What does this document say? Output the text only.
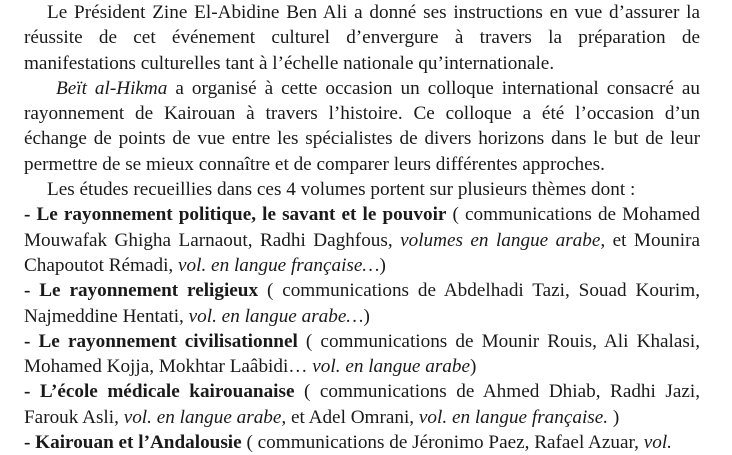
Le Président Zine El-Abidine Ben Ali a donné ses instructions en vue d’assurer la réussite de cet événement culturel d’envergure à travers la préparation de manifestations culturelles tant à l’échelle nationale qu’internationale.

Beït al-Hikma a organisé à cette occasion un colloque international consacré au rayonnement de Kairouan à travers l’histoire. Ce colloque a été l’occasion d’un échange de points de vue entre les spécialistes de divers horizons dans le but de leur permettre de se mieux connaître et de comparer leurs différentes approches.

Les études recueillies dans ces 4 volumes portent sur plusieurs thèmes dont :

- Le rayonnement politique, le savant et le pouvoir ( communications de Mohamed Mouwafak Ghigha Larnaout, Radhi Daghfous, volumes en langue arabe, et Mounira Chapoutot Rémadi, vol. en langue française…)

- Le rayonnement religieux ( communications de Abdelhadi Tazi, Souad Kourim, Najmeddine Hentati, vol. en langue arabe…)

- Le rayonnement civilisationnel ( communications de Mounir Rouis, Ali Khalasi, Mohamed Kojja, Mokhtar Laâbidi… vol. en langue arabe)

- L’école médicale kairouanaise ( communications de Ahmed Dhiab, Radhi Jazi, Farouk Asli, vol. en langue arabe, et Adel Omrani, vol. en langue française. )

- Kairouan et l’Andalousie ( communications de Jéronimo Paez, Rafael Azuar, vol.
